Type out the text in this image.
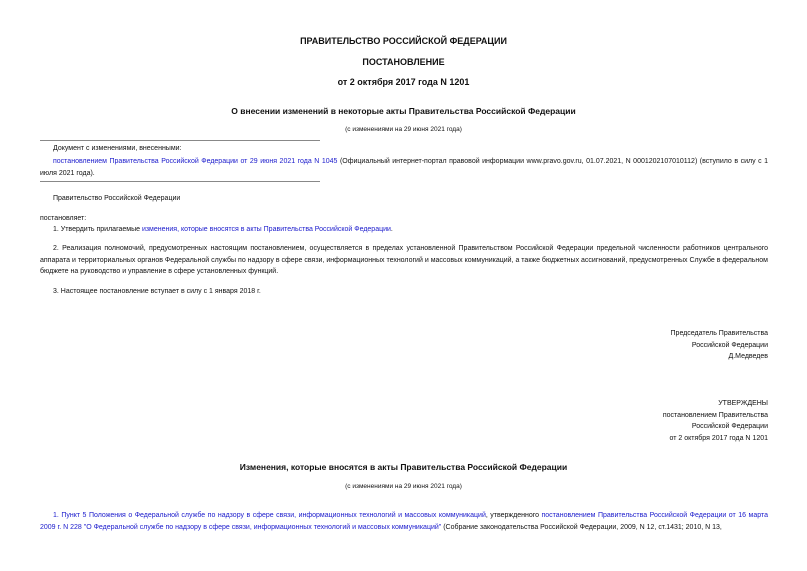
ПРАВИТЕЛЬСТВО РОССИЙСКОЙ ФЕДЕРАЦИИ
ПОСТАНОВЛЕНИЕ
от 2 октября 2017 года N 1201
О внесении изменений в некоторые акты Правительства Российской Федерации
(с изменениями на 29 июня 2021 года)
Документ с изменениями, внесенными:
постановлением Правительства Российской Федерации от 29 июня 2021 года N 1045 (Официальный интернет-портал правовой информации www.pravo.gov.ru, 01.07.2021, N 0001202107010112) (вступило в силу с 1 июля 2021 года).
Правительство Российской Федерации
постановляет:
1. Утвердить прилагаемые изменения, которые вносятся в акты Правительства Российской Федерации.
2. Реализация полномочий, предусмотренных настоящим постановлением, осуществляется в пределах установленной Правительством Российской Федерации предельной численности работников центрального аппарата и территориальных органов Федеральной службы по надзору в сфере связи, информационных технологий и массовых коммуникаций, а также бюджетных ассигнований, предусмотренных Службе в федеральном бюджете на руководство и управление в сфере установленных функций.
3. Настоящее постановление вступает в силу с 1 января 2018 г.
Председатель Правительства
Российской Федерации
Д.Медведев
УТВЕРЖДЕНЫ
постановлением Правительства
Российской Федерации
от 2 октября 2017 года N 1201
Изменения, которые вносятся в акты Правительства Российской Федерации
(с изменениями на 29 июня 2021 года)
1. Пункт 5 Положения о Федеральной службе по надзору в сфере связи, информационных технологий и массовых коммуникаций, утвержденного постановлением Правительства Российской Федерации от 16 марта 2009 г. N 228 "О Федеральной службе по надзору в сфере связи, информационных технологий и массовых коммуникаций" (Собрание законодательства Российской Федерации, 2009, N 12, ст.1431; 2010, N 13,
